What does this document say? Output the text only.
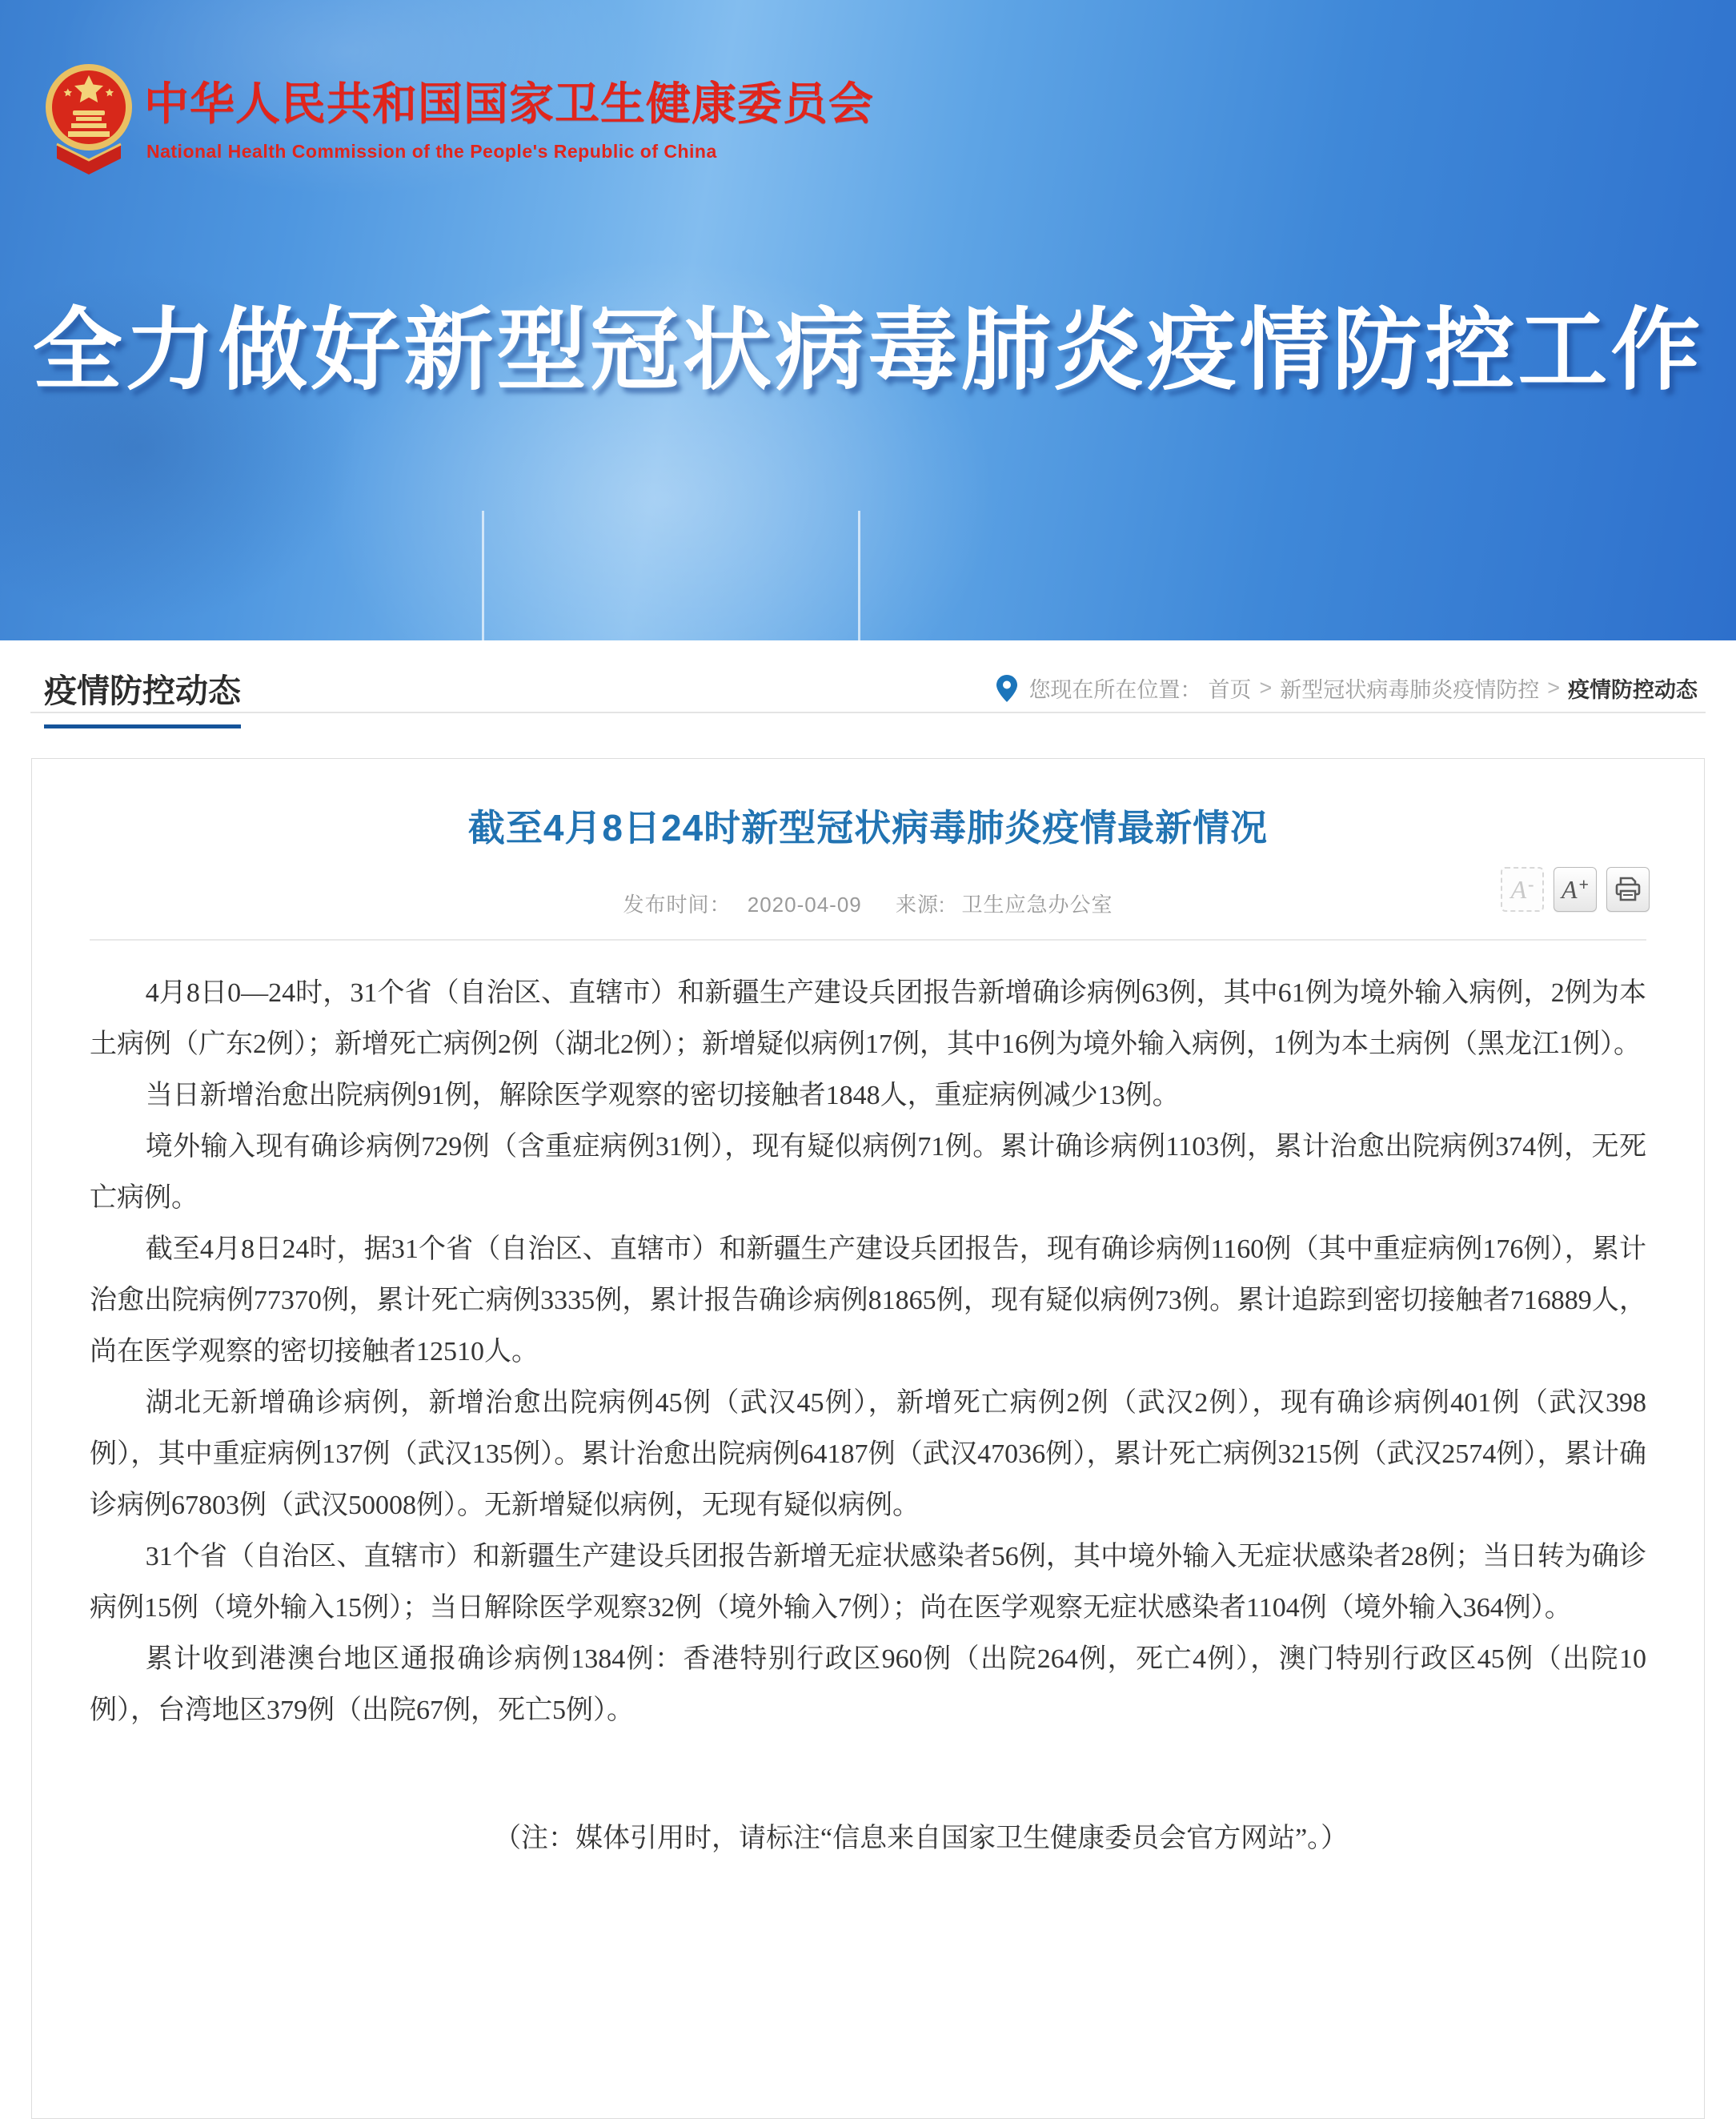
中华人民共和国国家卫生健康委员会
National Health Commission of the People's Republic of China
全力做好新型冠状病毒肺炎疫情防控工作
疫情防控动态	您现在所在位置： 首页 > 新型冠状病毒肺炎疫情防控 > 疫情防控动态
截至4月8日24时新型冠状病毒肺炎疫情最新情况
发布时间： 2020-04-09 来源: 卫生应急办公室
A - A +

4月8日0—24时，31个省（自治区、直辖市）和新疆生产建设兵团报告新增确诊病例63例，其中61例为境外输入病例，2例为本土病例（广东2例）；新增死亡病例2例（湖北2例）；新增疑似病例17例，其中16例为境外输入病例，1例为本土病例（黑龙江1例）。

当日新增治愈出院病例91例，解除医学观察的密切接触者1848人，重症病例减少13例。

境外输入现有确诊病例729例（含重症病例31例），现有疑似病例71例。累计确诊病例1103例，累计治愈出院病例374例，无死亡病例。

截至4月8日24时，据31个省（自治区、直辖市）和新疆生产建设兵团报告，现有确诊病例1160例（其中重症病例176例），累计治愈出院病例77370例，累计死亡病例3335例，累计报告确诊病例81865例，现有疑似病例73例。累计追踪到密切接触者716889人，尚在医学观察的密切接触者12510人。

湖北无新增确诊病例，新增治愈出院病例45例（武汉45例），新增死亡病例2例（武汉2例），现有确诊病例401例（武汉398例），其中重症病例137例（武汉135例）。累计治愈出院病例64187例（武汉47036例），累计死亡病例3215例（武汉2574例），累计确诊病例67803例（武汉50008例）。无新增疑似病例，无现有疑似病例。

31个省（自治区、直辖市）和新疆生产建设兵团报告新增无症状感染者56例，其中境外输入无症状感染者28例；当日转为确诊病例15例（境外输入15例）；当日解除医学观察32例（境外输入7例）；尚在医学观察无症状感染者1104例（境外输入364例）。

累计收到港澳台地区通报确诊病例1384例：香港特别行政区960例（出院264例，死亡4例），澳门特别行政区45例（出院10例），台湾地区379例（出院67例，死亡5例）。

（注：媒体引用时，请标注“信息来自国家卫生健康委员会官方网站”。）
